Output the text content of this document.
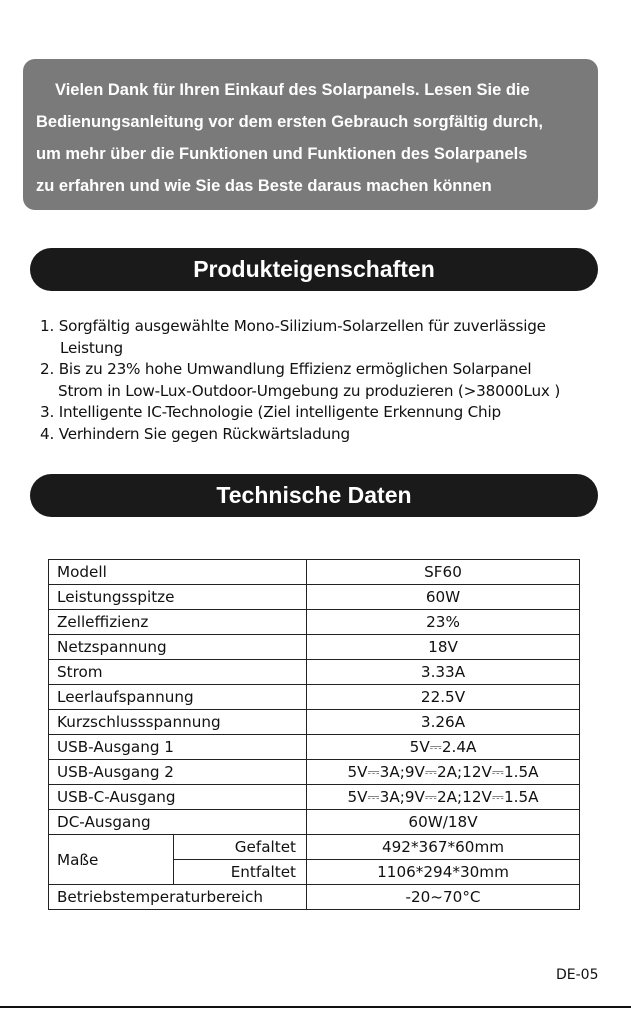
Vielen Dank für Ihren Einkauf des Solarpanels. Lesen Sie die
Bedienungsanleitung vor dem ersten Gebrauch sorgfältig durch,
um mehr über die Funktionen und Funktionen des Solarpanels
zu erfahren und wie Sie das Beste daraus machen können
Produkteigenschaften
1. Sorgfältig ausgewählte Mono-Silizium-Solarzellen für zuverlässige
Leistung
2. Bis zu 23% hohe Umwandlung Effizienz ermöglichen Solarpanel
Strom in Low-Lux-Outdoor-Umgebung zu produzieren (>38000Lux )
3. Intelligente IC-Technologie (Ziel intelligente Erkennung Chip
4. Verhindern Sie gegen Rückwärtsladung
Technische Daten
Modell		SF60
Leistungsspitze		60W
Zelleffizienz		23%
Netzspannung		18V
Strom		3.33A
Leerlaufspannung		22.5V
Kurzschlussspannung		3.26A
USB-Ausgang 1		5V⎓2.4A
USB-Ausgang 2		5V⎓3A;9V⎓2A;12V⎓1.5A
USB-C-Ausgang		5V⎓3A;9V⎓2A;12V⎓1.5A
DC-Ausgang		60W/18V
Maße	Gefaltet	492*367*60mm
	Entfaltet	1106*294*30mm
Betriebstemperaturbereich		-20~70°C
DE-05
